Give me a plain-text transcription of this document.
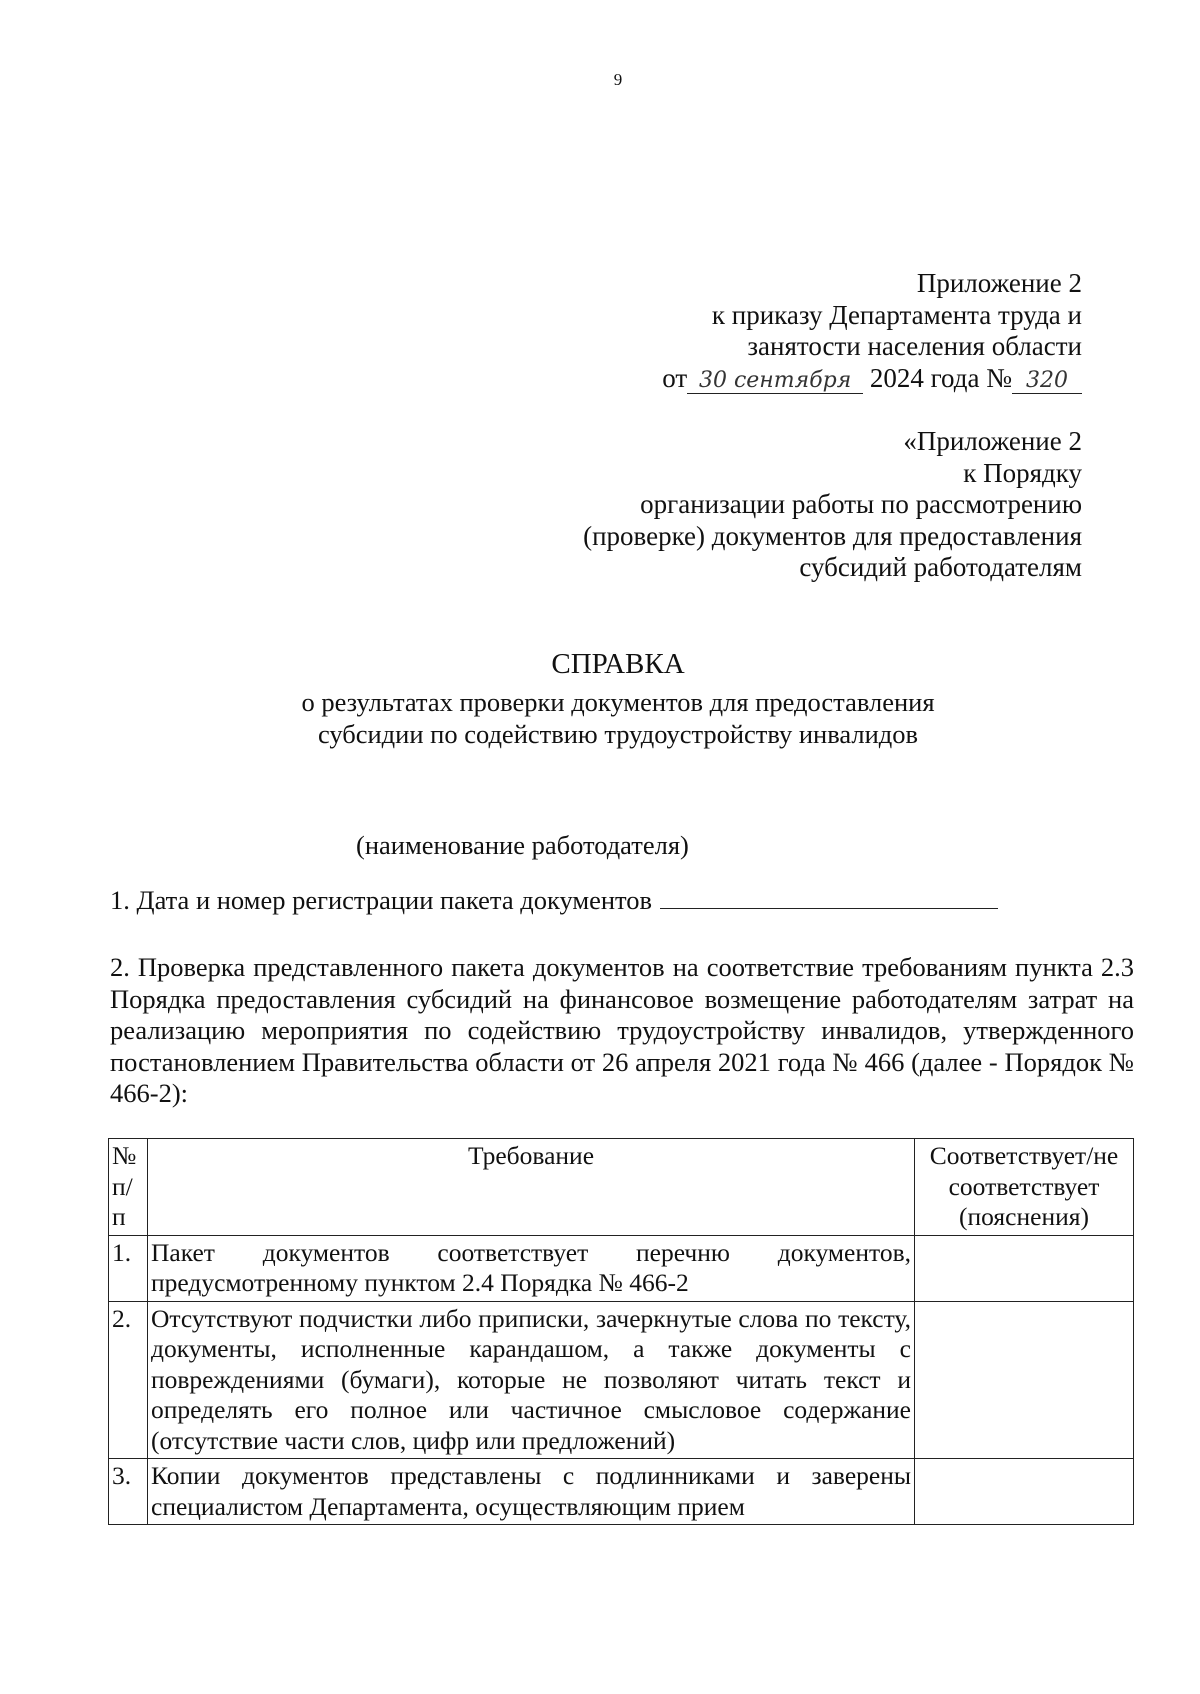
9
Приложение 2
к приказу Департамента труда и
занятости населения области
от 30 сентября 2024 года № 320
«Приложение 2
к Порядку
организации работы по рассмотрению
(проверке) документов для предоставления
субсидий работодателям
СПРАВКА
о результатах проверки документов для предоставления
субсидии по содействию трудоустройству инвалидов
(наименование работодателя)
1. Дата и номер регистрации пакета документов
2. Проверка представленного пакета документов на соответствие требованиям пункта 2.3 Порядка предоставления субсидий на финансовое возмещение работодателям затрат на реализацию мероприятия по содействию трудоустройству инвалидов, утвержденного постановлением Правительства области от 26 апреля 2021 года № 466 (далее - Порядок № 466-2):
№ п/п	Требование	Соответствует/не соответствует (пояснения)
1.	Пакет документов соответствует перечню документов, предусмотренному пунктом 2.4 Порядка № 466-2	
2.	Отсутствуют подчистки либо приписки, зачеркнутые слова по тексту, документы, исполненные карандашом, а также документы с повреждениями (бумаги), которые не позволяют читать текст и определять его полное или частичное смысловое содержание (отсутствие части слов, цифр или предложений)	
3.	Копии документов представлены с подлинниками и заверены специалистом Департамента, осуществляющим прием	
